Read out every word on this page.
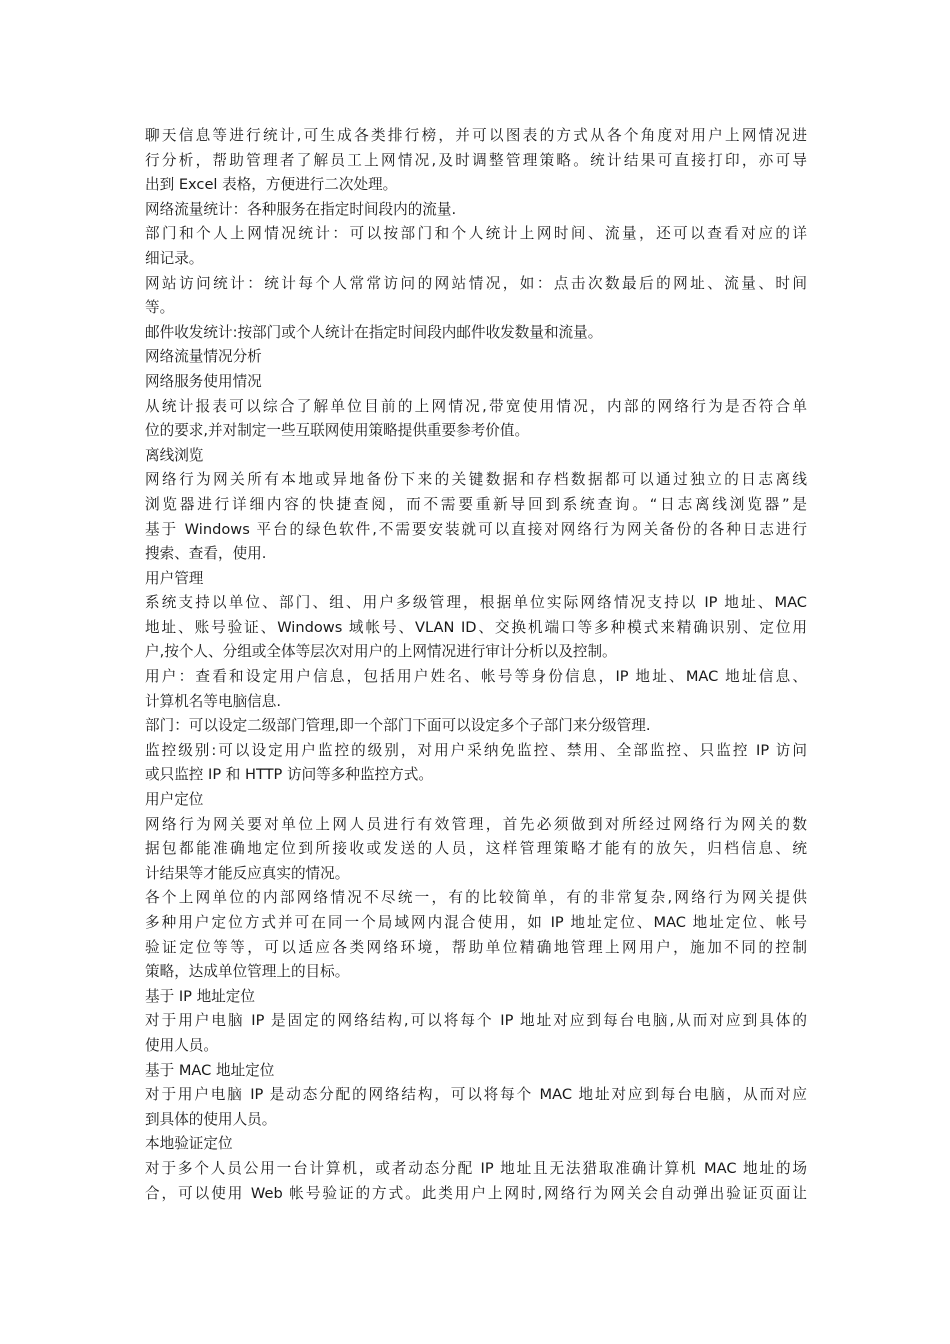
聊天信息等进行统计,可生成各类排行榜，并可以图表的方式从各个角度对用户上网情况进
行分析，帮助管理者了解员工上网情况,及时调整管理策略。统计结果可直接打印，亦可导
出到 Excel 表格，方便进行二次处理。
网络流量统计：各种服务在指定时间段内的流量.
部门和个人上网情况统计：可以按部门和个人统计上网时间、流量，还可以查看对应的详
细记录。
网站访问统计：统计每个人常常访问的网站情况，如：点击次数最后的网址、流量、时间
等。
邮件收发统计:按部门或个人统计在指定时间段内邮件收发数量和流量。
网络流量情况分析
网络服务使用情况
从统计报表可以综合了解单位目前的上网情况,带宽使用情况，内部的网络行为是否符合单
位的要求,并对制定一些互联网使用策略提供重要参考价值。
离线浏览
网络行为网关所有本地或异地备份下来的关键数据和存档数据都可以通过独立的日志离线
浏览器进行详细内容的快捷查阅，而不需要重新导回到系统查询。“日志离线浏览器”是
基于 Windows 平台的绿色软件,不需要安装就可以直接对网络行为网关备份的各种日志进行
搜索、查看，使用.
用户管理
系统支持以单位、部门、组、用户多级管理，根据单位实际网络情况支持以 IP 地址、MAC
地址、账号验证、Windows 域帐号、VLAN ID、交换机端口等多种模式来精确识别、定位用
户,按个人、分组或全体等层次对用户的上网情况进行审计分析以及控制。
用户：查看和设定用户信息，包括用户姓名、帐号等身份信息，IP 地址、MAC 地址信息、
计算机名等电脑信息.
部门：可以设定二级部门管理,即一个部门下面可以设定多个子部门来分级管理.
监控级别:可以设定用户监控的级别，对用户采纳免监控、禁用、全部监控、只监控 IP 访问
或只监控 IP 和 HTTP 访问等多种监控方式。
用户定位
网络行为网关要对单位上网人员进行有效管理，首先必须做到对所经过网络行为网关的数
据包都能准确地定位到所接收或发送的人员，这样管理策略才能有的放矢，归档信息、统
计结果等才能反应真实的情况。
各个上网单位的内部网络情况不尽统一，有的比较简单，有的非常复杂,网络行为网关提供
多种用户定位方式并可在同一个局域网内混合使用，如 IP 地址定位、MAC 地址定位、帐号
验证定位等等，可以适应各类网络环境，帮助单位精确地管理上网用户，施加不同的控制
策略，达成单位管理上的目标。
基于 IP 地址定位
对于用户电脑 IP 是固定的网络结构,可以将每个 IP 地址对应到每台电脑,从而对应到具体的
使用人员。
基于 MAC 地址定位
对于用户电脑 IP 是动态分配的网络结构，可以将每个 MAC 地址对应到每台电脑，从而对应
到具体的使用人员。
本地验证定位
对于多个人员公用一台计算机，或者动态分配 IP 地址且无法猎取准确计算机 MAC 地址的场
合，可以使用 Web 帐号验证的方式。此类用户上网时,网络行为网关会自动弹出验证页面让
